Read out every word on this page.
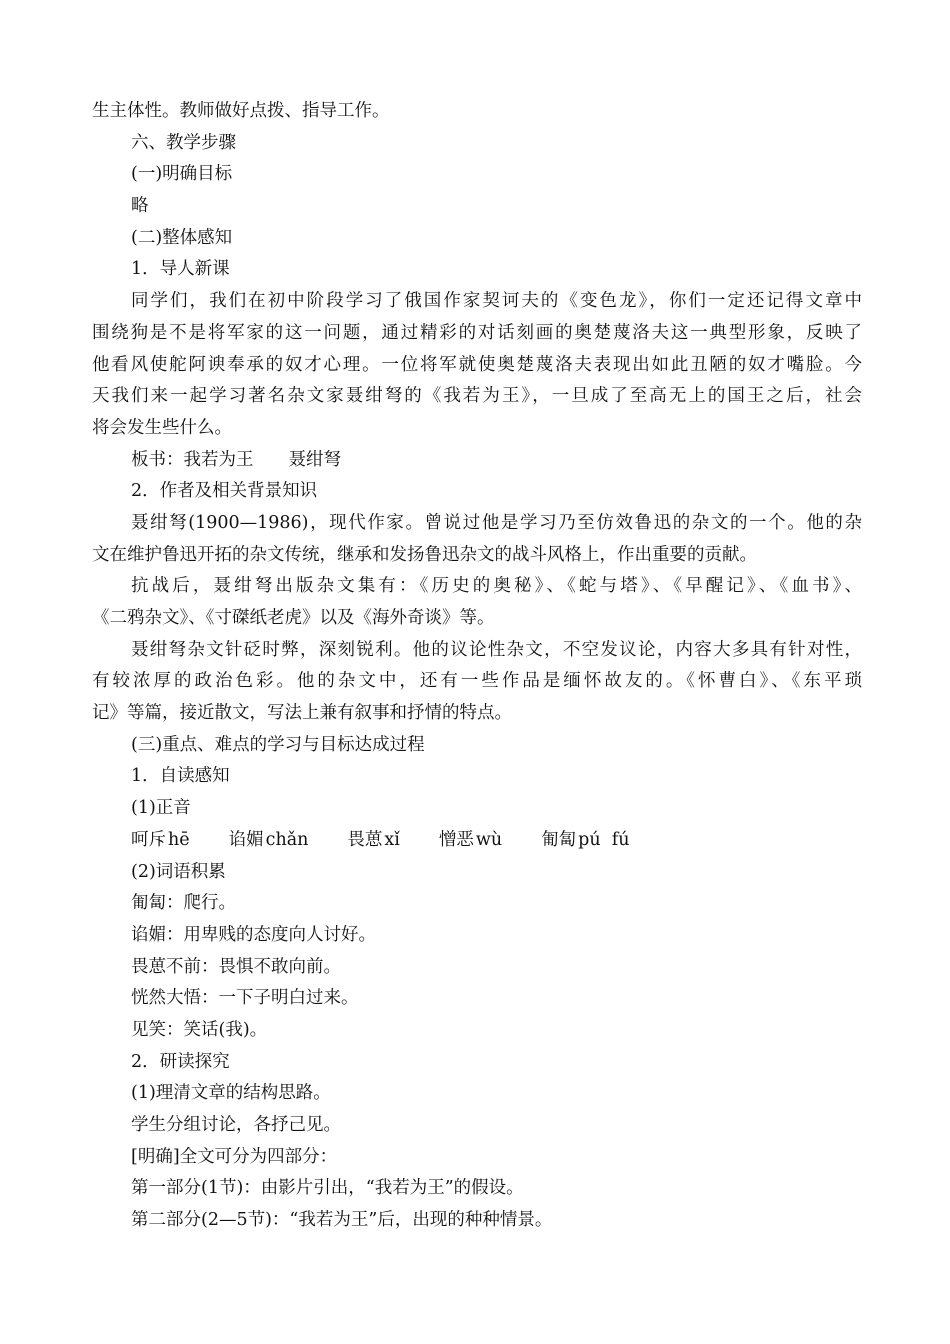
生主体性。教师做好点拨、指导工作。
六、教学步骤
(一)明确目标
略
(二)整体感知
1．导人新课
同学们，我们在初中阶段学习了俄国作家契诃夫的《变色龙》，你们一定还记得文章中
围绕狗是不是将军家的这一问题，通过精彩的对话刻画的奥楚蔑洛夫这一典型形象，反映了
他看风使舵阿谀奉承的奴才心理。一位将军就使奥楚蔑洛夫表现出如此丑陋的奴才嘴脸。今
天我们来一起学习著名杂文家聂绀弩的《我若为王》，一旦成了至高无上的国王之后，社会
将会发生些什么。
板书：我若为王　　聂绀弩
2．作者及相关背景知识
聂绀弩(1900—1986)，现代作家。曾说过他是学习乃至仿效鲁迅的杂文的一个。他的杂
文在维护鲁迅开拓的杂文传统，继承和发扬鲁迅杂文的战斗风格上，作出重要的贡献。
抗战后，聂绀弩出版杂文集有：《历史的奥秘》、《蛇与塔》、《早醒记》、《血书》、
《二鸦杂文》、《寸磔纸老虎》以及《海外奇谈》等。
聂绀弩杂文针砭时弊，深刻锐利。他的议论性杂文，不空发议论，内容大多具有针对性，
有较浓厚的政治色彩。他的杂文中，还有一些作品是缅怀故友的。《怀曹白》、《东平琐
记》等篇，接近散文，写法上兼有叙事和抒情的特点。
(三)重点、难点的学习与目标达成过程
1．自读感知
(1)正音
呵斥 hē 谄媚 chǎn 畏葸 xǐ 憎恶 wù 匍匐 pú  fú
(2)词语积累
匍匐：爬行。
谄媚：用卑贱的态度向人讨好。
畏葸不前：畏惧不敢向前。
恍然大悟：一下子明白过来。
见笑：笑话(我)。
2．研读探究
(1)理清文章的结构思路。
学生分组讨论，各抒己见。
[明确]全文可分为四部分：
第一部分(1节)：由影片引出，“我若为王”的假设。
第二部分(2—5节)：“我若为王”后，出现的种种情景。
